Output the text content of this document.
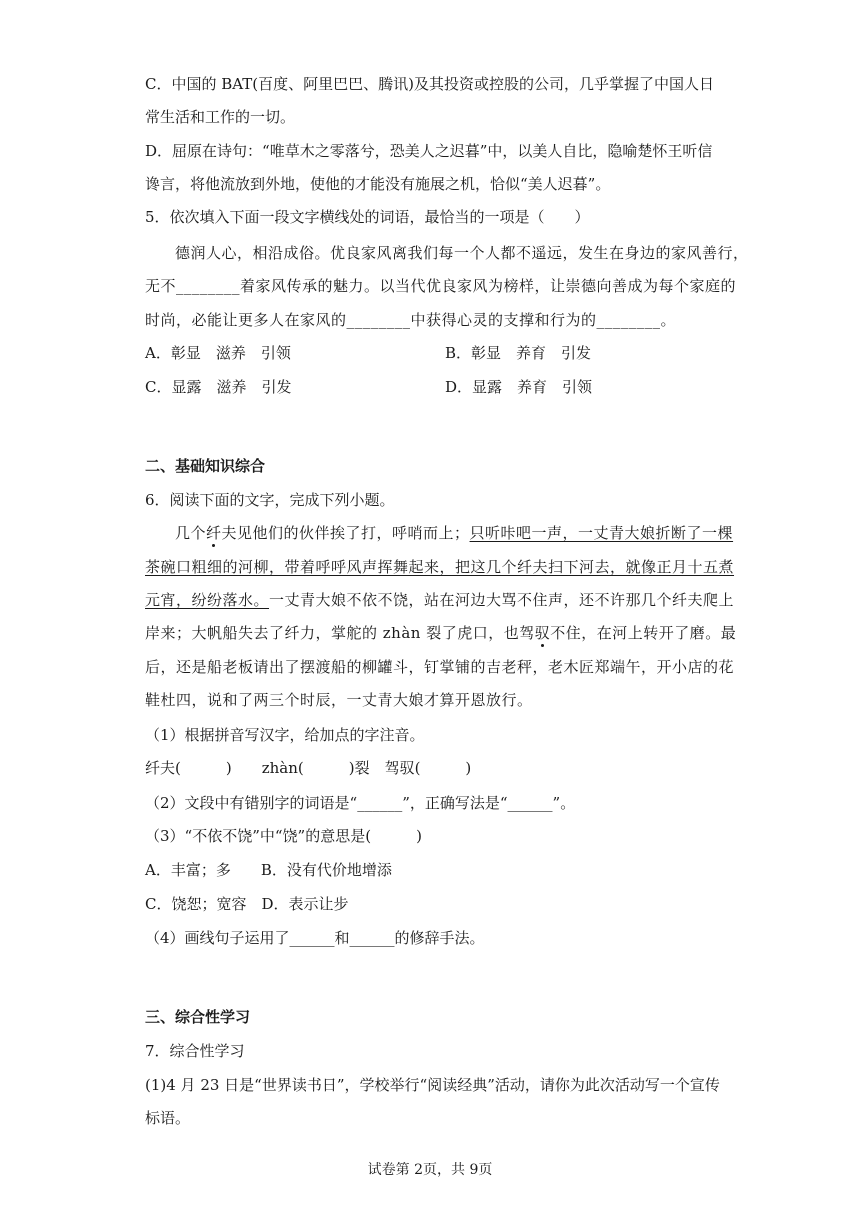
C．中国的 BAT(百度、阿里巴巴、腾讯)及其投资或控股的公司，几乎掌握了中国人日
常生活和工作的一切。
D．屈原在诗句：“唯草木之零落兮，恐美人之迟暮”中，以美人自比，隐喻楚怀王听信
谗言，将他流放到外地，使他的才能没有施展之机，恰似“美人迟暮”。
5．依次填入下面一段文字横线处的词语，最恰当的一项是（　　）
德润人心，相沿成俗。优良家风离我们每一个人都不遥远，发生在身边的家风善行，
无不________着家风传承的魅力。以当代优良家风为榜样，让崇德向善成为每个家庭的
时尚，必能让更多人在家风的________中获得心灵的支撑和行为的________。
A．彰显　滋养　引领	B．彰显　养育　引发
C．显露　滋养　引发	D．显露　养育　引领
二、基础知识综合
6．阅读下面的文字，完成下列小题。
几个纤夫见他们的伙伴挨了打，呼哨而上；只听咔吧一声，一丈青大娘折断了一棵
茶碗口粗细的河柳，带着呼呼风声挥舞起来，把这几个纤夫扫下河去，就像正月十五煮
元宵，纷纷落水。一丈青大娘不依不饶，站在河边大骂不住声，还不许那几个纤夫爬上
岸来；大帆船失去了纤力，掌舵的 zhàn 裂了虎口，也驾驭不住，在河上转开了磨。最
后，还是船老板请出了摆渡船的柳罐斗，钉掌铺的吉老秤，老木匠郑端午，开小店的花
鞋杜四，说和了两三个时辰，一丈青大娘才算开恩放行。
（1）根据拼音写汉字，给加点的字注音。
纤夫(　　　)　　zhàn(　　　)裂　驾驭(　　　)
（2）文段中有错别字的词语是“______”，正确写法是“______”。
（3）“不依不饶”中“饶”的意思是(　　　)
A．丰富；多　　B．没有代价地增添
C．饶恕；宽容　D．表示让步
（4）画线句子运用了______和______的修辞手法。
三、综合性学习
7．综合性学习
(1)4 月 23 日是“世界读书日”，学校举行“阅读经典”活动，请你为此次活动写一个宣传
标语。
试卷第 2页，共 9页
